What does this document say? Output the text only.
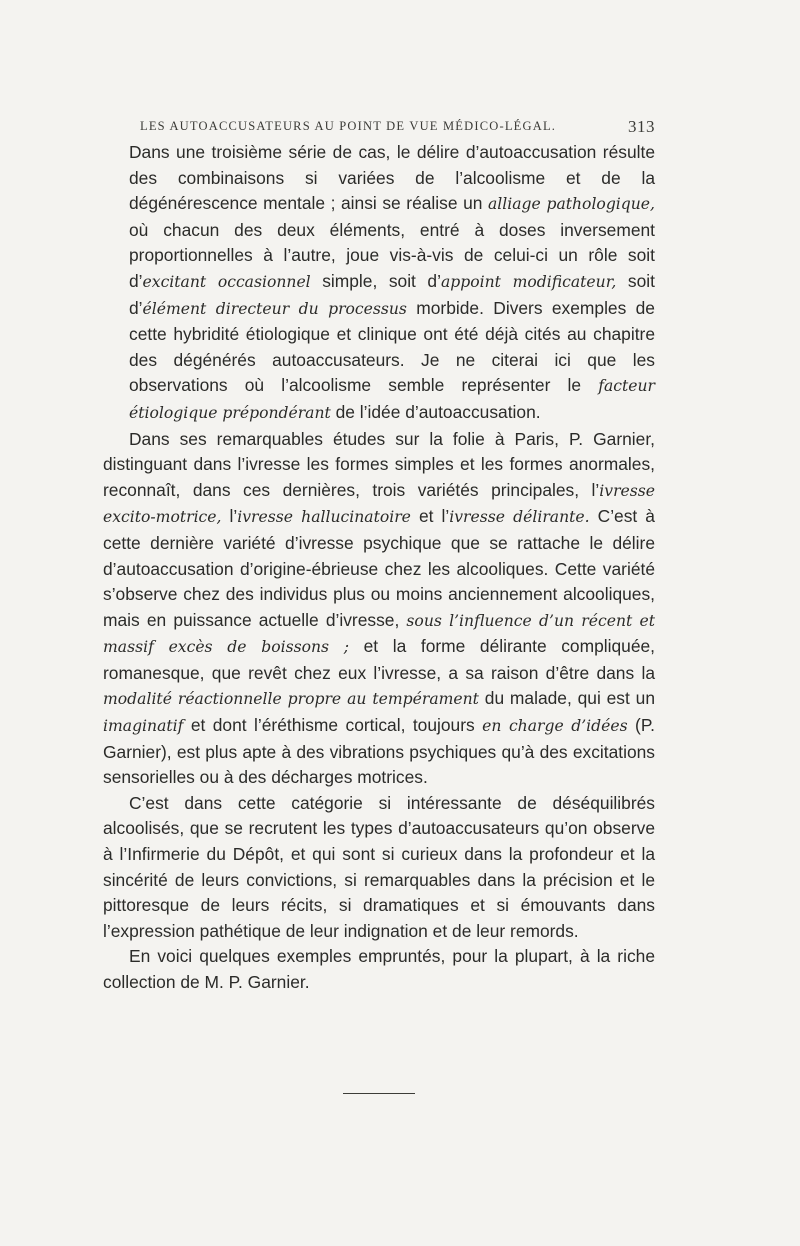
LES AUTOACCUSATEURS AU POINT DE VUE MÉDICO-LÉGAL.	313

Dans une troisième série de cas, le délire d’autoaccusation résulte des combinaisons si variées de l’alcoolisme et de la dégénérescence mentale ; ainsi se réalise un alliage pathologique, où chacun des deux éléments, entré à doses inversement proportionnelles à l’autre, joue vis-à-vis de celui-ci un rôle soit d’excitant occasionnel simple, soit d’appoint modificateur, soit d’élément directeur du processus morbide. Divers exemples de cette hybridité étiologique et clinique ont été déjà cités au chapitre des dégénérés autoaccusateurs. Je ne citerai ici que les observations où l’alcoolisme semble représenter le facteur étiologique prépondérant de l’idée d’autoaccusation.

Dans ses remarquables études sur la folie à Paris, P. Garnier, distinguant dans l’ivresse les formes simples et les formes anormales, reconnaît, dans ces dernières, trois variétés principales, l’ivresse excito-motrice, l’ivresse hallucinatoire et l’ivresse délirante. C’est à cette dernière variété d’ivresse psychique que se rattache le délire d’autoaccusation d’origine-ébrieuse chez les alcooliques. Cette variété s’observe chez des individus plus ou moins anciennement alcooliques, mais en puissance actuelle d’ivresse, sous l’influence d’un récent et massif excès de boissons ; et la forme délirante compliquée, romanesque, que revêt chez eux l’ivresse, a sa raison d’être dans la modalité réactionnelle propre au tempérament du malade, qui est un imaginatif et dont l’éréthisme cortical, toujours en charge d’idées (P. Garnier), est plus apte à des vibrations psychiques qu’à des excitations sensorielles ou à des décharges motrices.

C’est dans cette catégorie si intéressante de déséquilibrés alcoolisés, que se recrutent les types d’autoaccusateurs qu’on observe à l’Infirmerie du Dépôt, et qui sont si curieux dans la profondeur et la sincérité de leurs convictions, si remarquables dans la précision et le pittoresque de leurs récits, si dramatiques et si émouvants dans l’expression pathétique de leur indignation et de leur remords.

En voici quelques exemples empruntés, pour la plupart, à la riche collection de M. P. Garnier.
